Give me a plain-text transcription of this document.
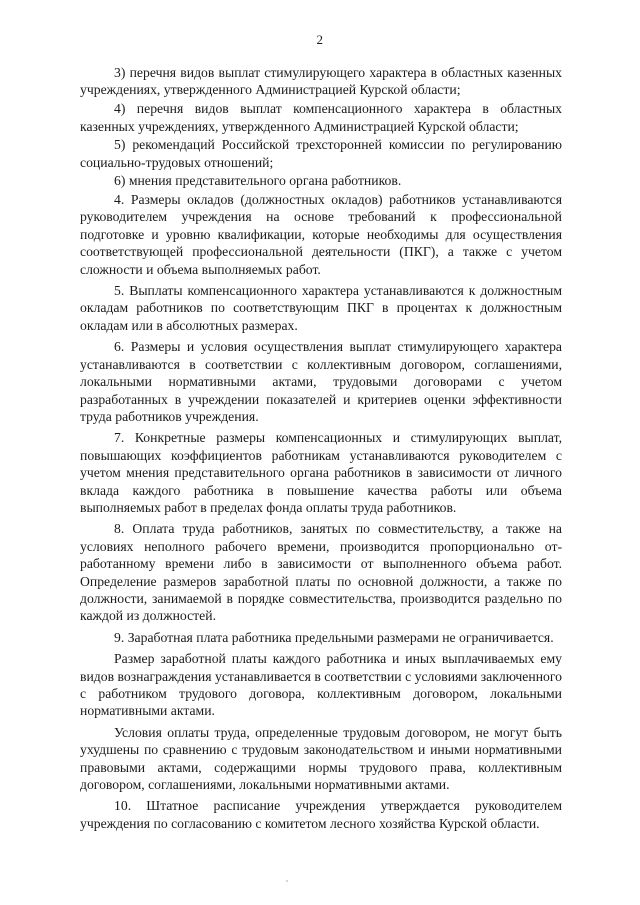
2

3) перечня видов выплат стимулирующего характера в областных казенных учреждениях, утвержденного Администрацией Курской области;

4) перечня видов выплат компенсационного характера в областных казенных учреждениях, утвержденного Администрацией Курской области;

5) рекомендаций Российской трехсторонней комиссии по регулированию социально-трудовых отношений;

6) мнения представительного органа работников.

4. Размеры окладов (должностных окладов) работников устанавливаются руководителем учреждения на основе требований к профессиональной подготовке и уровню квалификации, которые необходимы для осуществления соответствующей профессиональной деятельности (ПКГ), а также с учетом сложности и объема выполняемых работ.

5. Выплаты компенсационного характера устанавливаются к должностным окладам работников по соответствующим ПКГ в процентах к должностным окладам или в абсолютных размерах.

6. Размеры и условия осуществления выплат стимулирующего характера устанавливаются в соответствии с коллективным договором, соглашениями, локальными нормативными актами, трудовыми договорами с учетом разработанных в учреждении показателей и критериев оценки эффективности труда работников учреждения.

7. Конкретные размеры компенсационных и стимулирующих выплат, повышающих коэффициентов работникам устанавливаются руководителем с учетом мнения представительного органа работников в зависимости от личного вклада каждого работника в повышение качества работы или объема выполняемых работ в пределах фонда оплаты труда работников.

8. Оплата труда работников, занятых по совместительству, а также на условиях неполного рабочего времени, производится пропорционально отработанному времени либо в зависимости от выполненного объема работ. Определение размеров заработной платы по основной должности, а также по должности, занимаемой в порядке совместительства, производится раздельно по каждой из должностей.

9. Заработная плата работника предельными размерами не ограничивается.

Размер заработной платы каждого работника и иных выплачиваемых ему видов вознаграждения устанавливается в соответствии с условиями заключенного с работником трудового договора, коллективным договором, локальными нормативными актами.

Условия оплаты труда, определенные трудовым договором, не могут быть ухудшены по сравнению с трудовым законодательством и иными нормативными правовыми актами, содержащими нормы трудового права, коллективным договором, соглашениями, локальными нормативными актами.

10. Штатное расписание учреждения утверждается руководителем учреждения по согласованию с комитетом лесного хозяйства Курской области.
